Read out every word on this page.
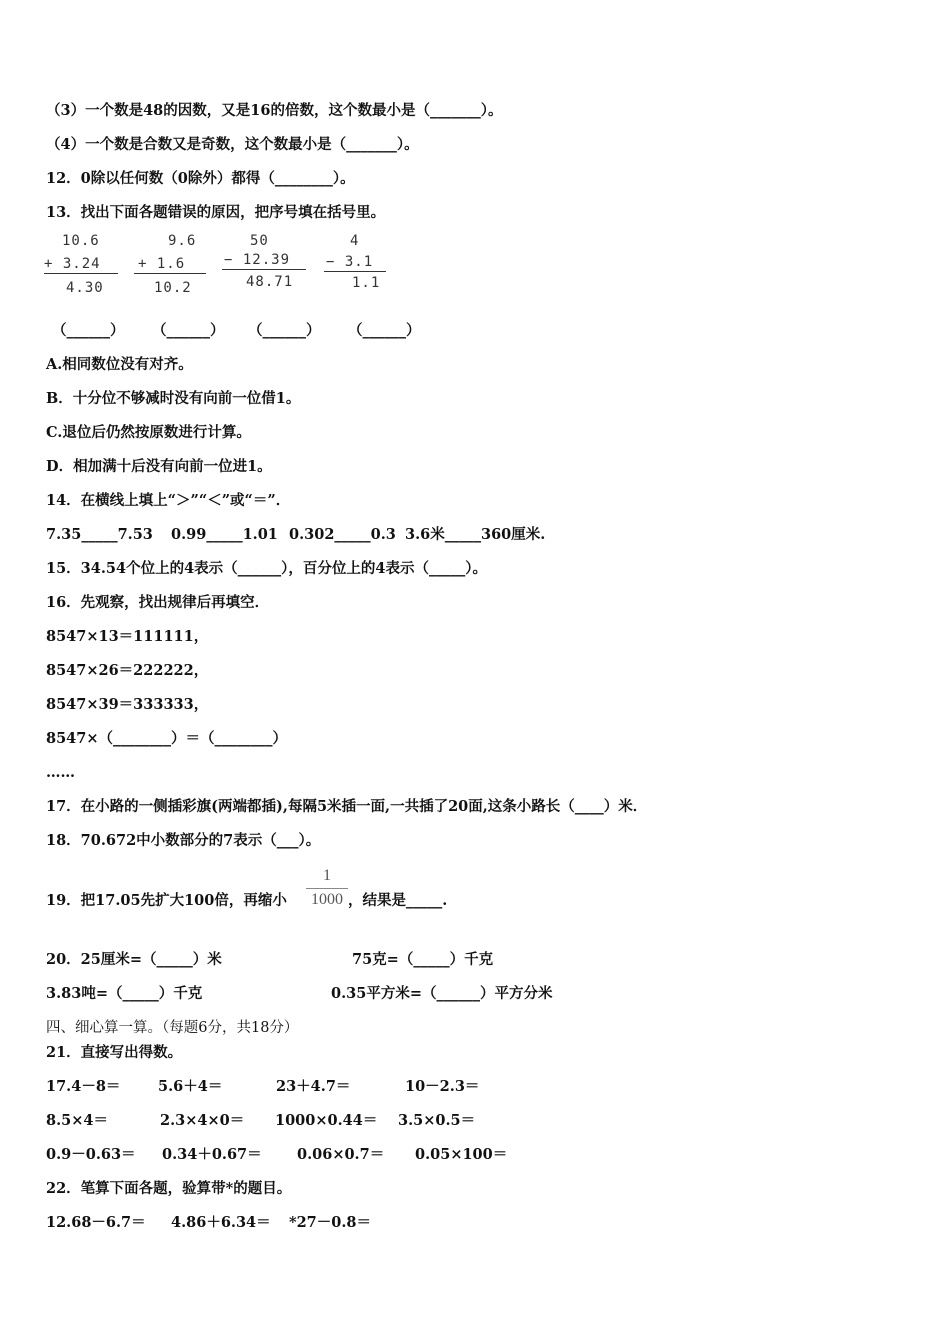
（3）一个数是48的因数，又是16的倍数，这个数最小是（_______）。
（4）一个数是合数又是奇数，这个数最小是（_______）。
12．0除以任何数（0除外）都得（________）。
13．找出下面各题错误的原因，把序号填在括号里。
10.6
+ 3.24
4.30
9.6
+ 1.6
10.2
50
− 12.39
48.71
4
− 3.1
1.1
（______） （______） （______） （______）
A.相同数位没有对齐。
B．十分位不够减时没有向前一位借1。
C.退位后仍然按原数进行计算。
D．相加满十后没有向前一位进1。
14．在横线上填上“＞”“＜”或“＝”．
7.35_____7.53 0.99_____1.01 0.302_____0.3 3.6米_____360厘米.
15．34.54个位上的4表示（______），百分位上的4表示（_____）。
16．先观察，找出规律后再填空．
8547×13＝111111，
8547×26＝222222，
8547×39＝333333，
8547×（________）＝（________）
……
17．在小路的一侧插彩旗(两端都插),每隔5米插一面,一共插了20面,这条小路长（____）米．
18．70.672中小数部分的7表示（___）。
19．把17.05先扩大100倍，再缩小
1
1000 ，结果是_____.
20．25厘米=（_____）米	75克=（_____）千克
3.83吨=（_____）千克	0.35平方米=（______）平方分米
四、细心算一算。（每题6分，共18分）
21．直接写出得数。
17.4－8＝	5.6＋4＝	23＋4.7＝	10－2.3＝
8.5×4＝	2.3×4×0＝ 1000×0.44＝ 3.5×0.5＝
0.9－0.63＝ 0.34＋0.67＝ 0.06×0.7＝ 0.05×100＝
22．笔算下面各题，验算带*的题目。
12.68－6.7＝ 4.86＋6.34＝ *27－0.8＝
